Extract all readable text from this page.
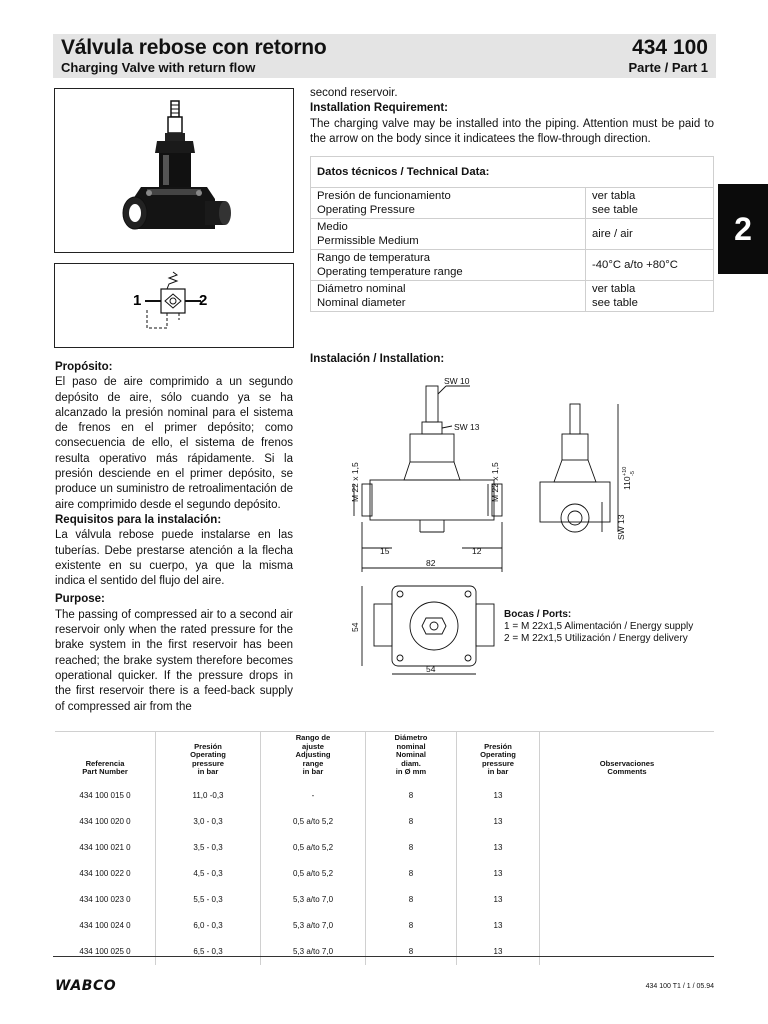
Válvula rebose con retorno
Charging Valve with return flow
434 100
Parte / Part 1
2
1	2

second reservoir.

Installation Requirement:

The charging valve may be installed into the piping. Attention must be paid to the arrow on the body since it indicatees the flow-through direction.

Datos técnicos / Technical Data:	
Presión de funcionamiento
Operating Pressure	ver tabla
see table
Medio
Permissible Medium	aire / air
Rango de temperatura
Operating temperature range	-40°C a/to +80°C
Diámetro nominal
Nominal diameter	ver tabla
see table
Propósito:

El paso de aire comprimido a un segundo depósito de aire, sólo cuando ya se ha alcanzado la presión nominal para el sistema de frenos en el primer depósito; como consecuencia de ello, el sistema de frenos resulta operativo más rápidamente. Si la presión desciende en el primer depósito, se produce un suministro de retroalimentación de aire comprimido desde el segundo depósito.

Requisitos para la instalación:

La válvula rebose puede instalarse en las tuberías. Debe prestarse atención a la flecha existente en su cuerpo, ya que la misma indica el sentido del flujo del aire.

Purpose:

The passing of compressed air to a second air reservoir only when the rated pressure for the brake system in the first reservoir has been reached; the brake system therefore becomes operational quicker. If the pressure drops in the first reservoir there is a feed-back supply of compressed air from the

Instalación / Installation:
SW 10
SW 13
M 22 x 1,5	M 22 x 1,5
15	12
82
110
+10 -5
SW 13
54
54
Bocas / Ports:
1 = M 22x1,5 Alimentación / Energy supply
2 = M 22x1,5 Utilización / Energy delivery
Referencia
Part Number	Presión
Operating
pressure
in bar	Rango de
ajuste
Adjusting
range
in bar	Diámetro
nominal
Nominal
diam.
in Ø mm	Presión
Operating
pressure
in bar	Observaciones
Comments
434 100 015 0	11,0 -0,3	-	8	13	
434 100 020 0	3,0 - 0,3	0,5 a/to 5,2	8	13	
434 100 021 0	3,5 - 0,3	0,5 a/to 5,2	8	13	
434 100 022 0	4,5 - 0,3	0,5 a/to 5,2	8	13	
434 100 023 0	5,5 - 0,3	5,3 a/to 7,0	8	13	
434 100 024 0	6,0 - 0,3	5,3 a/to 7,0	8	13	
434 100 025 0	6,5 - 0,3	5,3 a/to 7,0	8	13	
WABCO	434 100 T1 / 1 / 05.94
